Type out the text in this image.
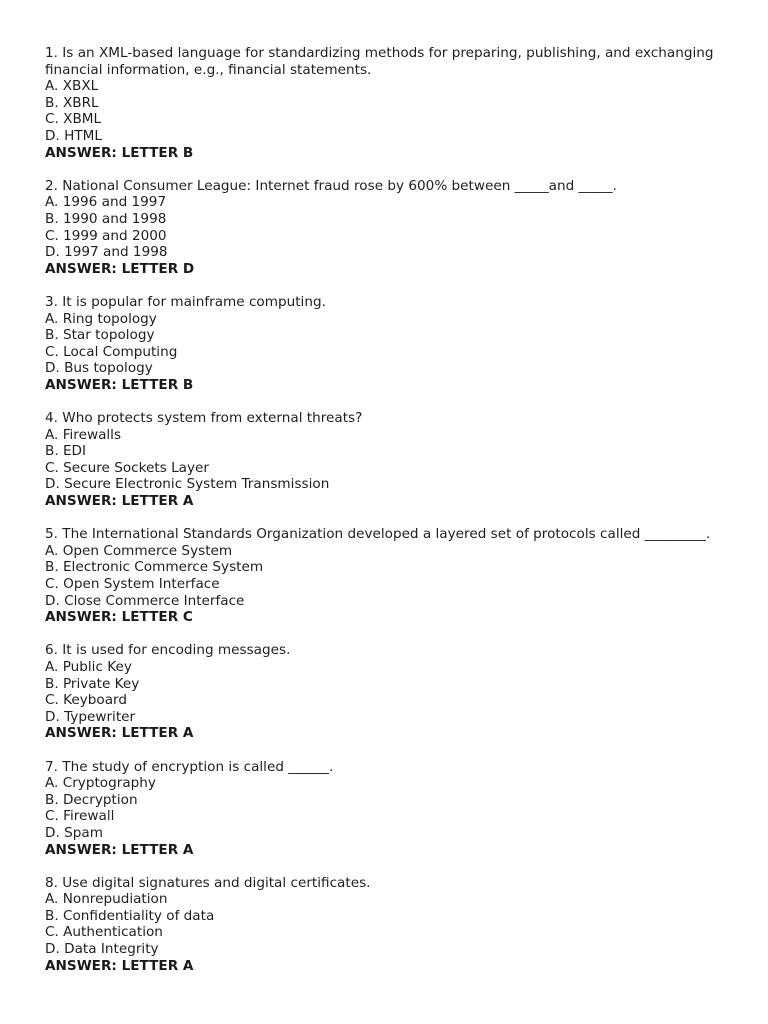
1. Is an XML-based language for standardizing methods for preparing, publishing, and exchanging financial information, e.g., financial statements.
A. XBXL
B. XBRL
C. XBML
D. HTML
ANSWER: LETTER B
2. National Consumer League: Internet fraud rose by 600% between _____and _____.
A. 1996 and 1997
B. 1990 and 1998
C. 1999 and 2000
D. 1997 and 1998
ANSWER: LETTER D
3. It is popular for mainframe computing.
A. Ring topology
B. Star topology
C. Local Computing
D. Bus topology
ANSWER: LETTER B
4. Who protects system from external threats?
A. Firewalls
B. EDI
C. Secure Sockets Layer
D. Secure Electronic System Transmission
ANSWER: LETTER A
5. The International Standards Organization developed a layered set of protocols called _________.
A. Open Commerce System
B. Electronic Commerce System
C. Open System Interface
D. Close Commerce Interface
ANSWER: LETTER C
6. It is used for encoding messages.
A. Public Key
B. Private Key
C. Keyboard
D. Typewriter
ANSWER: LETTER A
7. The study of encryption is called ______.
A. Cryptography
B. Decryption
C. Firewall
D. Spam
ANSWER: LETTER A
8. Use digital signatures and digital certificates.
A. Nonrepudiation
B. Confidentiality of data
C. Authentication
D. Data Integrity
ANSWER: LETTER A
